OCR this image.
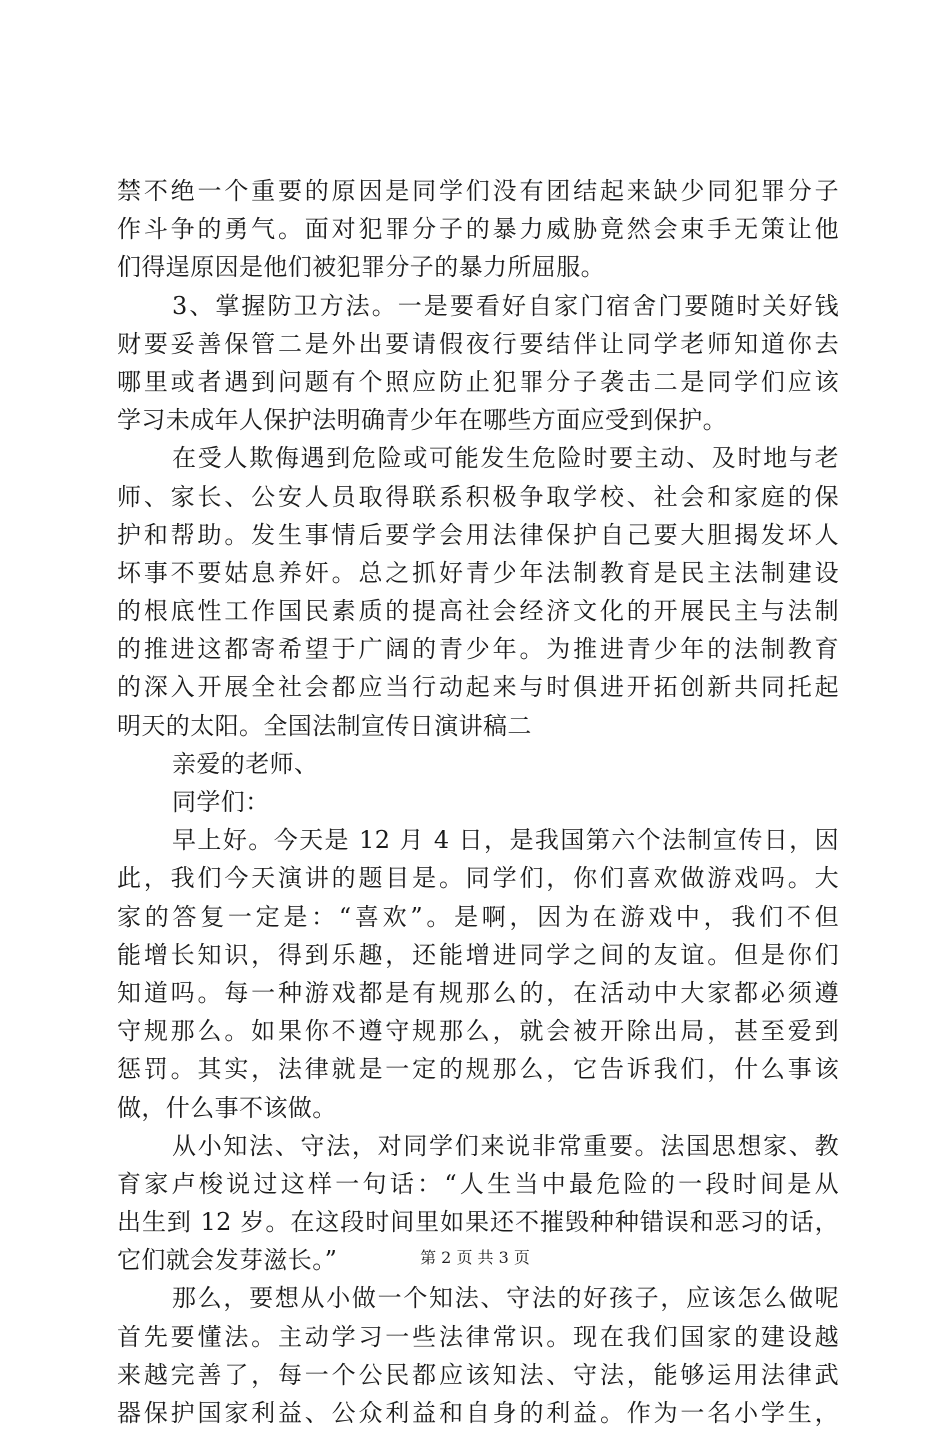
禁不绝一个重要的原因是同学们没有团结起来缺少同犯罪分子
作斗争的勇气。面对犯罪分子的暴力威胁竟然会束手无策让他
们得逞原因是他们被犯罪分子的暴力所屈服。
3、掌握防卫方法。一是要看好自家门宿舍门要随时关好钱
财要妥善保管二是外出要请假夜行要结伴让同学老师知道你去
哪里或者遇到问题有个照应防止犯罪分子袭击二是同学们应该
学习未成年人保护法明确青少年在哪些方面应受到保护。
在受人欺侮遇到危险或可能发生危险时要主动、及时地与老
师、家长、公安人员取得联系积极争取学校、社会和家庭的保
护和帮助。发生事情后要学会用法律保护自己要大胆揭发坏人
坏事不要姑息养奸。总之抓好青少年法制教育是民主法制建设
的根底性工作国民素质的提高社会经济文化的开展民主与法制
的推进这都寄希望于广阔的青少年。为推进青少年的法制教育
的深入开展全社会都应当行动起来与时俱进开拓创新共同托起
明天的太阳。全国法制宣传日演讲稿二
亲爱的老师、
同学们：
早上好。今天是 12 月 4 日，是我国第六个法制宣传日，因
此，我们今天演讲的题目是。同学们，你们喜欢做游戏吗。大
家的答复一定是：“喜欢”。是啊，因为在游戏中，我们不但
能增长知识，得到乐趣，还能增进同学之间的友谊。但是你们
知道吗。每一种游戏都是有规那么的，在活动中大家都必须遵
守规那么。如果你不遵守规那么，就会被开除出局，甚至爱到
惩罚。其实，法律就是一定的规那么，它告诉我们，什么事该
做，什么事不该做。
从小知法、守法，对同学们来说非常重要。法国思想家、教
育家卢梭说过这样一句话：“人生当中最危险的一段时间是从
出生到 12 岁。在这段时间里如果还不摧毁种种错误和恶习的话，
它们就会发芽滋长。”
那么，要想从小做一个知法、守法的好孩子，应该怎么做呢
首先要懂法。主动学习一些法律常识。现在我们国家的建设越
来越完善了，每一个公民都应该知法、守法，能够运用法律武
器保护国家利益、公众利益和自身的利益。作为一名小学生，
第 2 页 共 3 页
